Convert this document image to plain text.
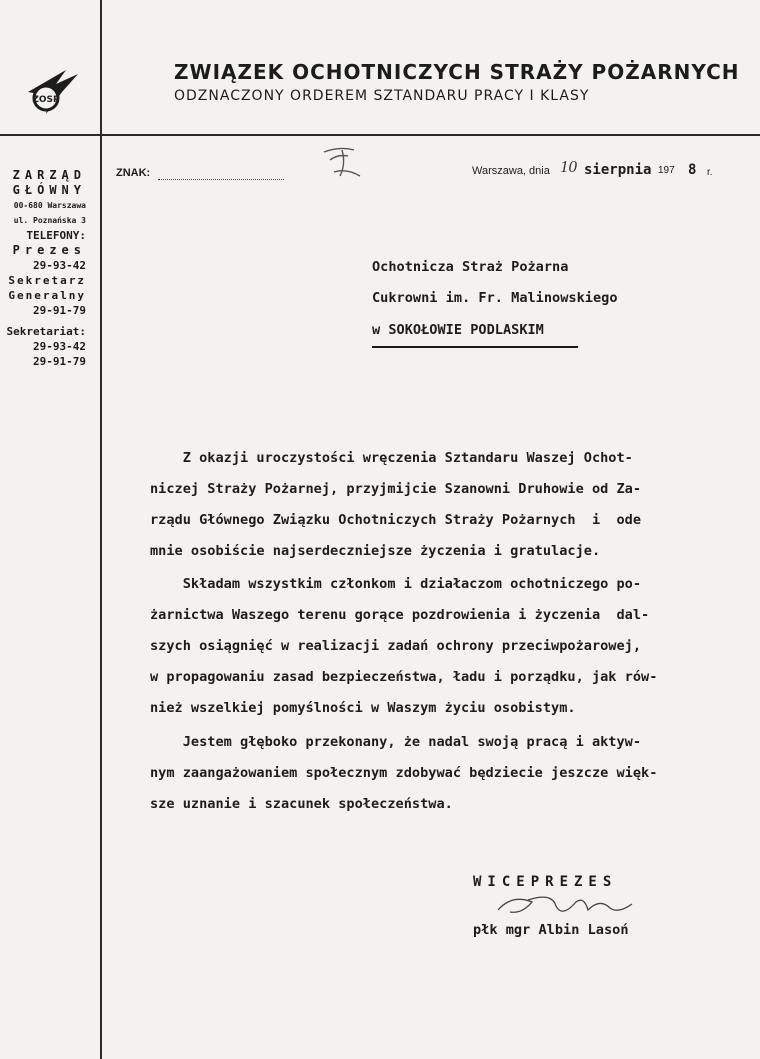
ZOSP
ZWIĄZEK OCHOTNICZYCH STRAŻY POŻARNYCH
ODZNACZONY ORDEREM SZTANDARU PRACY I KLASY
ZARZĄD
GŁÓWNY
00-680 Warszawa
ul. Poznańska 3
TELEFONY:
Prezes
29-93-42
Sekretarz
Generalny
29-91-79
Sekretariat:
29-93-42
29-91-79
ZNAK:	Warszawa, dnia 10 sierpnia 197 8 r.
Ochotnicza Straż Pożarna
Cukrowni im. Fr. Malinowskiego
w SOKOŁOWIE PODLASKIM
Z okazji uroczystości wręczenia Sztandaru Waszej Ochot-
niczej Straży Pożarnej, przyjmijcie Szanowni Druhowie od Za-
rządu Głównego Związku Ochotniczych Straży Pożarnych  i  ode
mnie osobiście najserdeczniejsze życzenia i gratulacje.
Składam wszystkim członkom i działaczom ochotniczego po-
żarnictwa Waszego terenu gorące pozdrowienia i życzenia  dal-
szych osiągnięć w realizacji zadań ochrony przeciwpożarowej,
w propagowaniu zasad bezpieczeństwa, ładu i porządku, jak rów-
nież wszelkiej pomyślności w Waszym życiu osobistym.
Jestem głęboko przekonany, że nadal swoją pracą i aktyw-
nym zaangażowaniem społecznym zdobywać będziecie jeszcze więk-
sze uznanie i szacunek społeczeństwa.
WICEPREZES
płk mgr Albin Lasoń
